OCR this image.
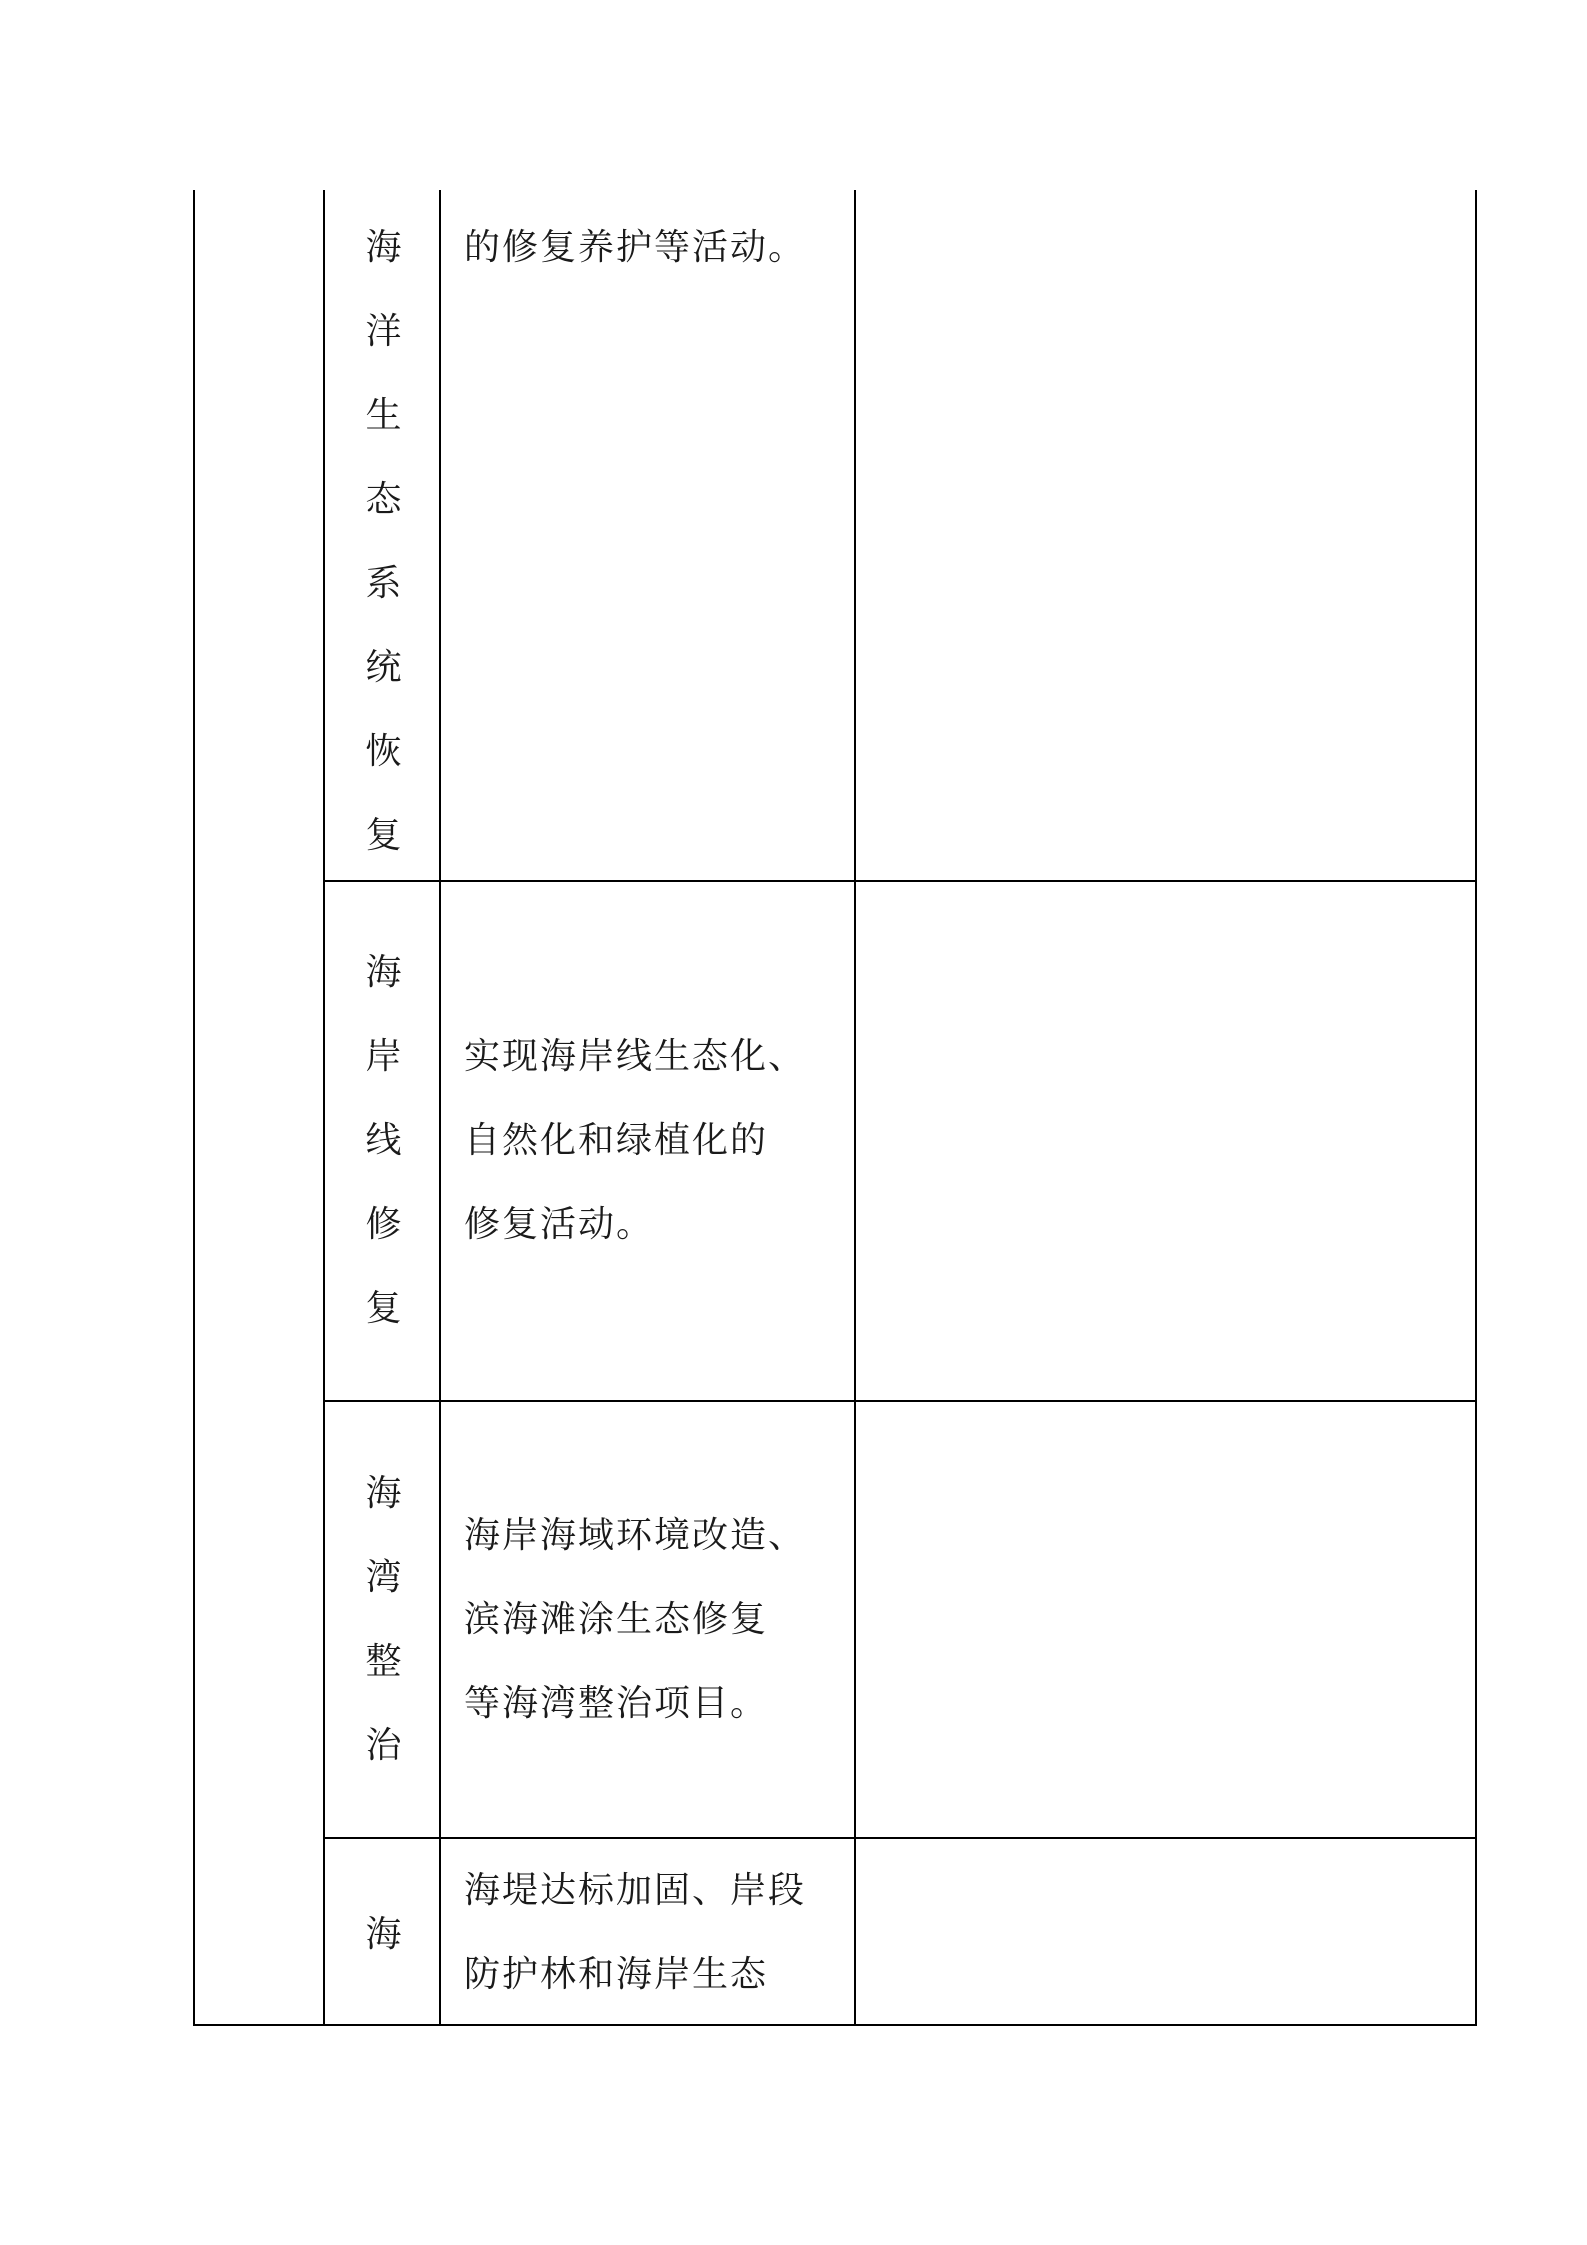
海
洋
生
态
系
统
恢
复
的修复养护等活动。
海
岸
线
修
复
实现海岸线生态化、
自然化和绿植化的
修复活动。
海
湾
整
治
海岸海域环境改造、
滨海滩涂生态修复
等海湾整治项目。
海
海堤达标加固、岸段
防护林和海岸生态
